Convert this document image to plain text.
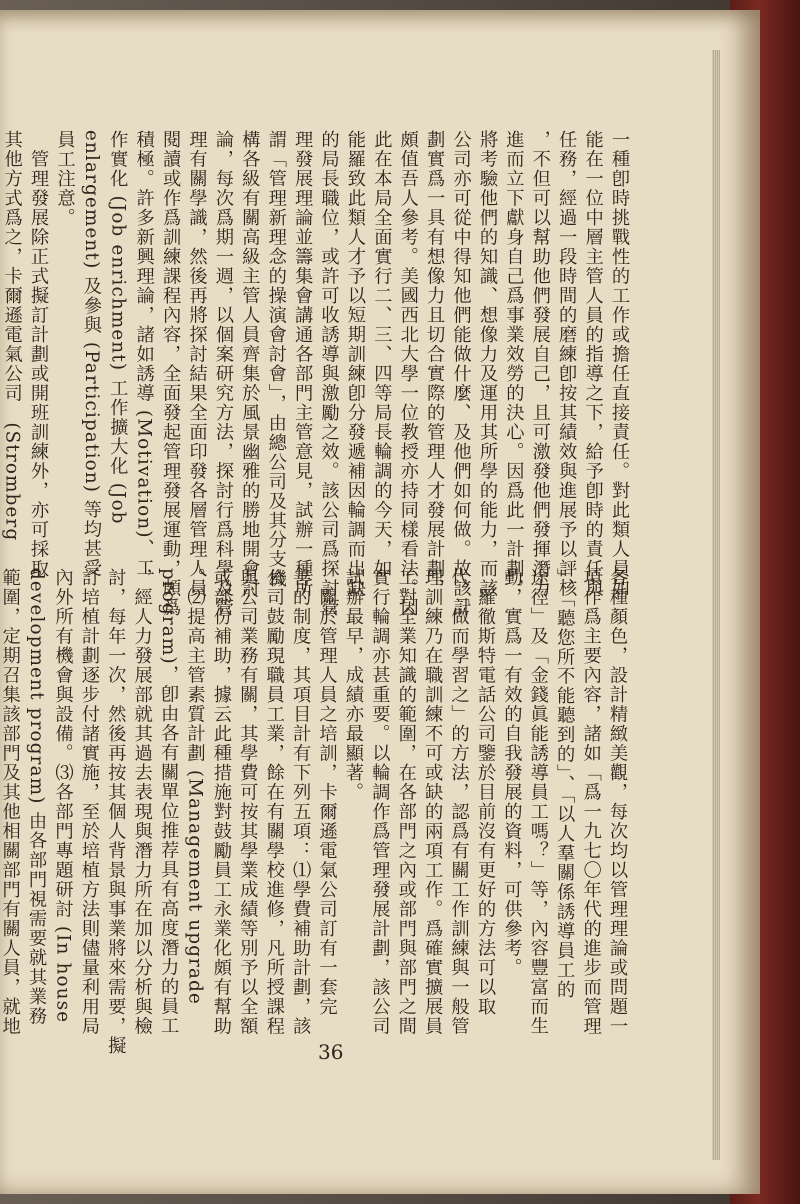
一種卽時挑戰性的工作或擔任直接責任。對此類人員如
能在一位中層主管人員的指導之下，給予卽時的責任與
任務，經過一段時間的磨練卽按其績效與進展予以評核
，不但可以幫助他們發展自己，且可激發他們發揮潛力
進而立下獻身自己爲事業效勞的決心。因爲此一計劃，
將考驗他們的知識、想像力及運用其所學的能力，而該
公司亦可從中得知他們能做什麼、及他們如何做。故該計
劃實爲一具有想像力且切合實際的管理人才發展計劃，
頗值吾人參考。美國西北大學一位教授亦持同樣看法。因
此在本局全面實行二、三、四等局長輪調的今天，如
能羅致此類人才予以短期訓練卽分發遞補因輪調而出缺
的局長職位，或許可收誘導與激勵之效。該公司爲探討管
理發展理論並籌集會講通各部門主管意見，試辦一種所
謂「管理新理念的操演會討會」，由總公司及其分支機
構各級有關高級主管人員齊集於風景幽雅的勝地開會討
論，每次爲期一週，以個案研究方法，探討行爲科學及管
理有關學識，然後再將探討結果全面印發各層管理人員
閱讀或作爲訓練課程內容，全面發起管理發展運動，頗爲
積極。許多新興理論，諸如誘導 (Motivation)、工
作實化 (Job enrichment) 工作擴大化 (Job
enlargement) 及參與 (Participation) 等均甚受
員工注意。
　管理發展除正式擬訂計劃或開班訓練外，亦可採取
其他方式爲之，卡爾遜電氣公司　(Stromberg
各種顏色，設計精緻美觀，每次均以管理理論或問題一
項作爲主要內容，諸如「爲一九七〇年代的進步而管理
」、「聽您所不能聽到的」、「以人羣關係誘導員工的
途徑」及「金錢眞能誘導員工嗎？」等，內容豐富而生
動，實爲一有效的自我發展的資料，可供參考。
　羅徹斯特電話公司鑒於目前沒有更好的方法可以取
代「做而學習之」的方法，認爲有關工作訓練與一般管
理訓練乃在職訓練不可或缺的兩項工作。爲確實擴展員
工對全業知識的範圍，在各部門之內或部門與部門之間
實行輪調亦甚重要。以輪調作爲管理發展計劃，該公司
試辦最早，成績亦最顯著。
　關於管理人員之培訓，卡爾遜電氣公司訂有一套完
善的制度，其項目計有下列五項：⑴學費補助計劃，該
公司鼓勵現職員工業，餘在有關學校進修，凡所授課程
與公司業務有關，其學費可按其學業成績等別予以全額
或部份補助，據云此種措施對鼓勵員工永業化頗有幫助
。⑵提高主管素質計劃 (Management upgrade
program)，卽由各有關單位推荐具有高度潛力的員工
，經人力發展部就其過去表現與潛力所在加以分析與檢
討，每年一次，然後再按其個人背景與事業將來需要，擬
訂培植計劃逐步付諸實施，至於培植方法則儘量利用局
內外所有機會與設備。⑶各部門專題研討 (In house
development program) 由各部門視需要就其業務
範圍，定期召集該部門及其他相關部門有關人員，就地
36
